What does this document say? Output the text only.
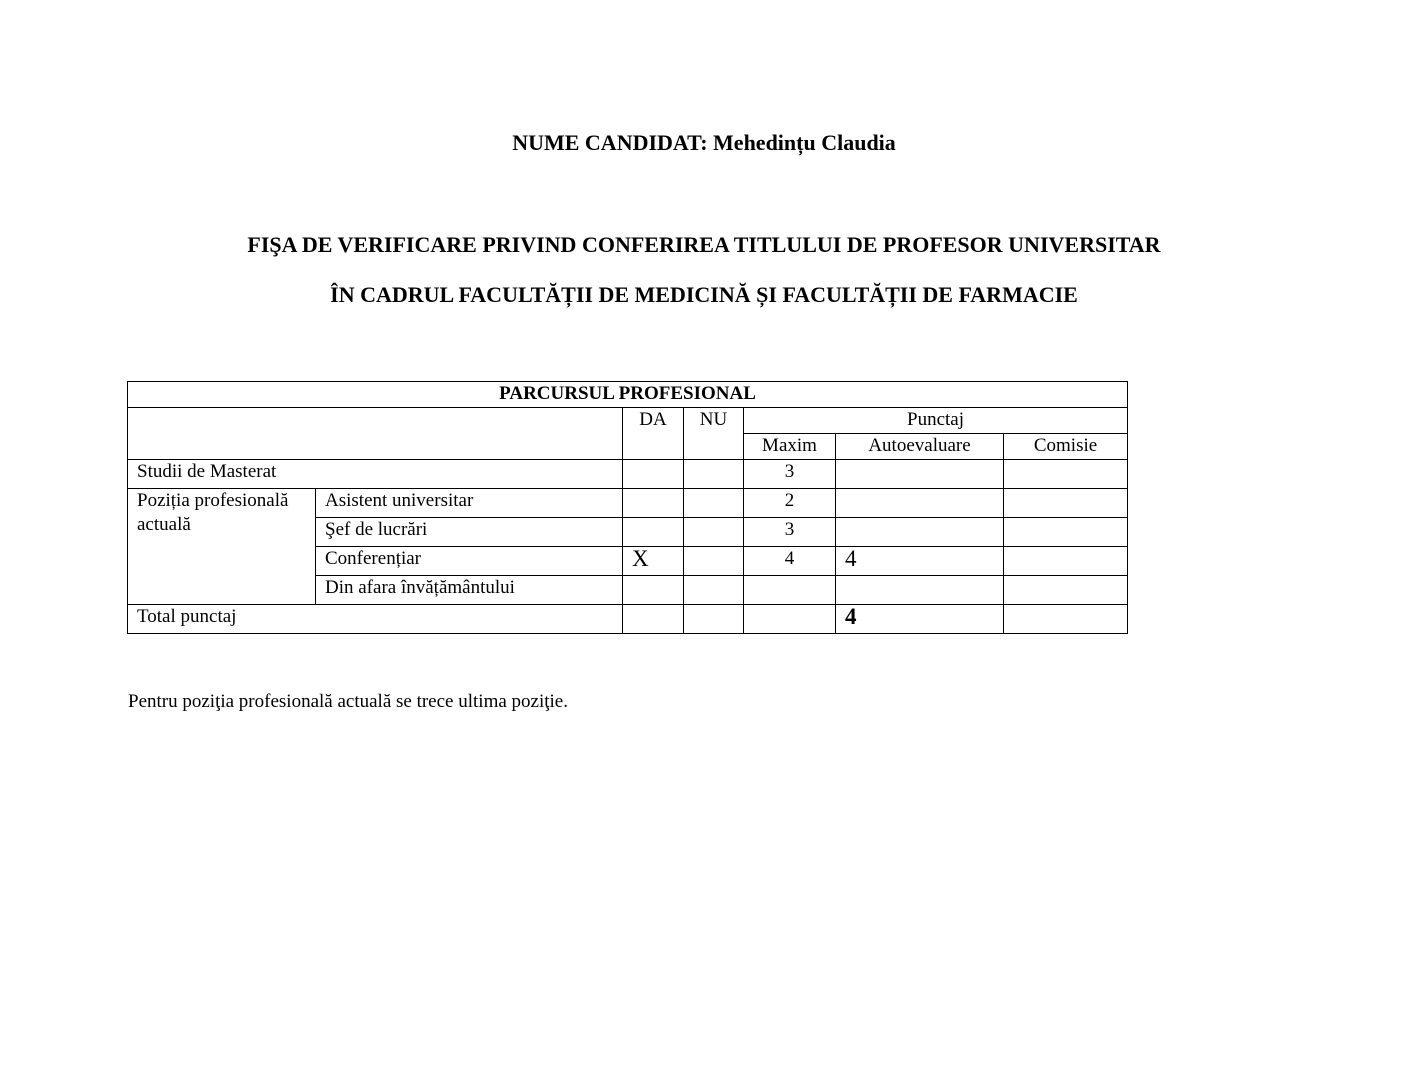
NUME CANDIDAT: Mehedințu Claudia
FIŞA DE VERIFICARE PRIVIND CONFERIREA TITLULUI DE PROFESOR UNIVERSITAR
ÎN CADRUL FACULTĂȚII DE MEDICINĂ ȘI FACULTĂȚII DE FARMACIE
PARCURSUL PROFESIONAL						
		DA	NU	Punctaj		
				Maxim	Autoevaluare	Comisie
Studii de Masterat				3		
Poziția profesională actuală	Asistent universitar			2		
	Şef de lucrări			3		
	Conferențiar	X		4	4	
	Din afara învățământului					
Total punctaj					4	
Pentru poziţia profesională actuală se trece ultima poziţie.
